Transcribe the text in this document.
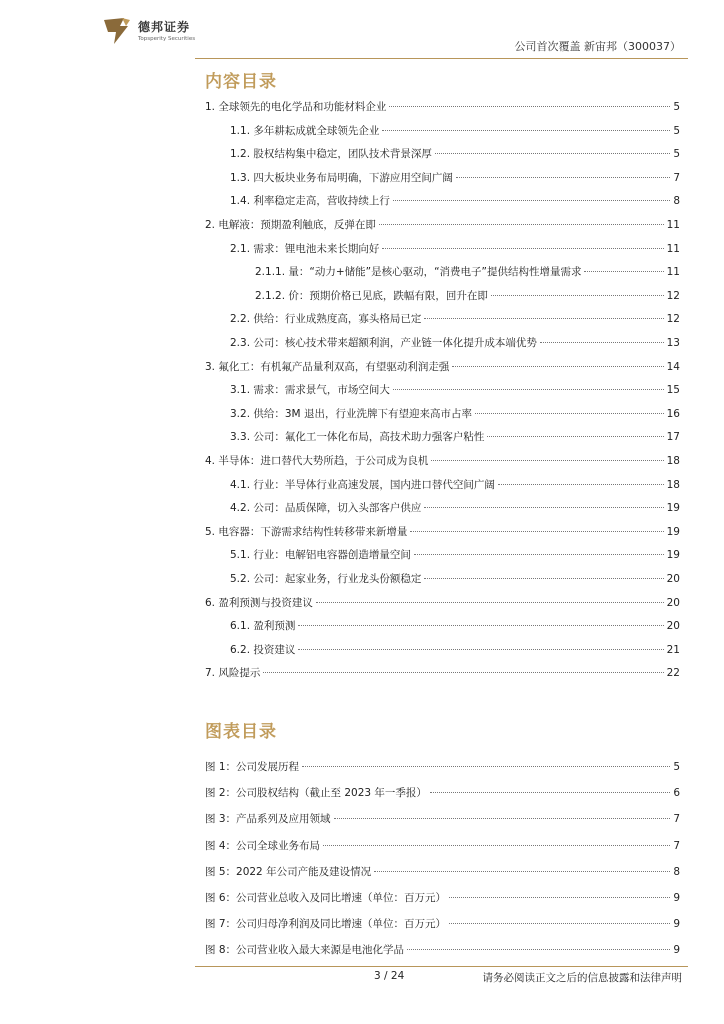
德邦证券
Topsperity Securities
公司首次覆盖 新宙邦（300037）
内容目录
1. 全球领先的电化学品和功能材料企业	5
1.1. 多年耕耘成就全球领先企业	5
1.2. 股权结构集中稳定，团队技术背景深厚	5
1.3. 四大板块业务布局明确，下游应用空间广阔	7
1.4. 利率稳定走高，营收持续上行	8
2. 电解液：预期盈利触底，反弹在即	11
2.1. 需求：锂电池未来长期向好	11
2.1.1. 量：“动力+储能”是核心驱动，“消费电子”提供结构性增量需求	11
2.1.2. 价：预期价格已见底，跌幅有限，回升在即	12
2.2. 供给：行业成熟度高，寡头格局已定	12
2.3. 公司：核心技术带来超额利润，产业链一体化提升成本端优势	13
3. 氟化工：有机氟产品量利双高，有望驱动利润走强	14
3.1. 需求：需求景气，市场空间大	15
3.2. 供给：3M 退出，行业洗牌下有望迎来高市占率	16
3.3. 公司：氟化工一体化布局，高技术助力强客户粘性	17
4. 半导体：进口替代大势所趋，于公司成为良机	18
4.1. 行业：半导体行业高速发展，国内进口替代空间广阔	18
4.2. 公司：品质保障，切入头部客户供应	19
5. 电容器：下游需求结构性转移带来新增量	19
5.1. 行业：电解铝电容器创造增量空间	19
5.2. 公司：起家业务，行业龙头份额稳定	20
6. 盈利预测与投资建议	20
6.1. 盈利预测	20
6.2. 投资建议	21
7. 风险提示	22
图表目录
图 1：公司发展历程	5
图 2：公司股权结构（截止至 2023 年一季报）	6
图 3：产品系列及应用领域	7
图 4：公司全球业务布局	7
图 5：2022 年公司产能及建设情况	8
图 6：公司营业总收入及同比增速（单位：百万元）	9
图 7：公司归母净利润及同比增速（单位：百万元）	9
图 8：公司营业收入最大来源是电池化学品	9
3 / 24	请务必阅读正文之后的信息披露和法律声明
